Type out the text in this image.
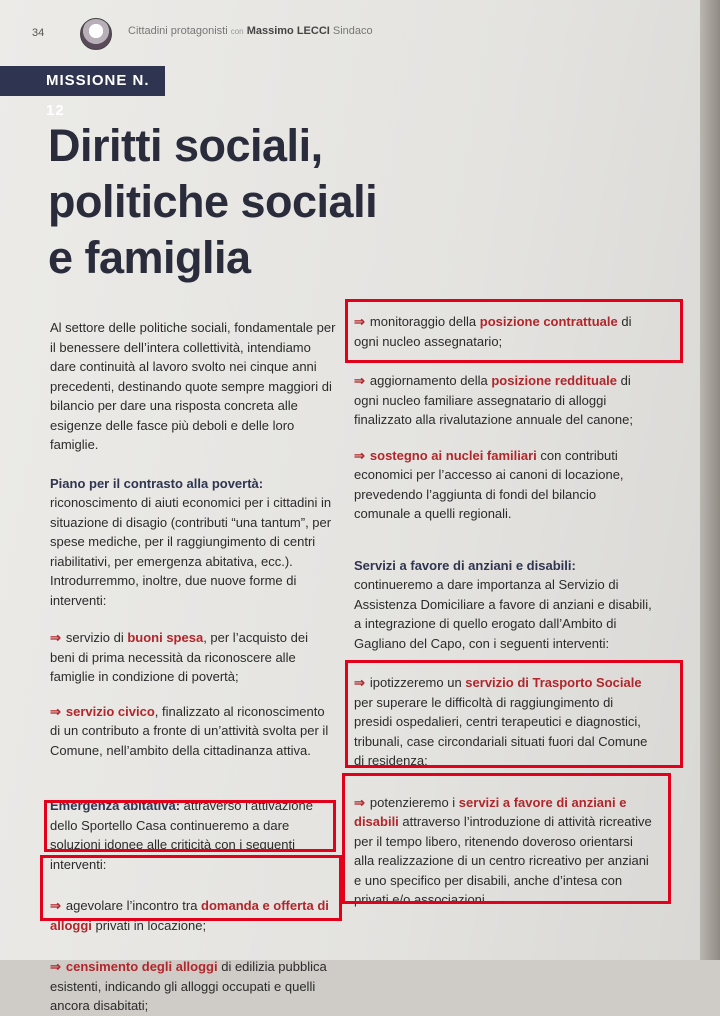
34	Cittadini protagonisti con Massimo LECCI Sindaco
MISSIONE N. 12
Diritti sociali,
politiche sociali
e famiglia

Al settore delle politiche sociali, fondamentale per il benessere dell’intera collettività, intendiamo dare continuità al lavoro svolto nei cinque anni precedenti, destinando quote sempre maggiori di bilancio per dare una risposta concreta alle esigenze delle fasce più deboli e delle loro famiglie.

Piano per il contrasto alla povertà: riconoscimento di aiuti economici per i cittadini in situazione di disagio (contributi “una tantum”, per spese mediche, per il raggiungimento di centri riabilitativi, per emergenza abitativa, ecc.). Introdurremmo, inoltre, due nuove forme di interventi:

⇒ servizio di buoni spesa, per l’acquisto dei beni di prima necessità da riconoscere alle famiglie in condizione di povertà;

⇒ servizio civico, finalizzato al riconoscimento di un contributo a fronte di un’attività svolta per il Comune, nell’ambito della cittadinanza attiva.

Emergenza abitativa: attraverso l’attivazione dello Sportello Casa continueremo a dare soluzioni idonee alle criticità con i seguenti interventi:

⇒ agevolare l’incontro tra domanda e offerta di alloggi privati in locazione;

⇒ censimento degli alloggi di edilizia pubblica esistenti, indicando gli alloggi occupati e quelli ancora disabitati;

⇒ monitoraggio della posizione contrattuale di ogni nucleo assegnatario;

⇒ aggiornamento della posizione reddituale di ogni nucleo familiare assegnatario di alloggi finalizzato alla rivalutazione annuale del canone;

⇒ sostegno ai nuclei familiari con contributi economici per l’accesso ai canoni di locazione, prevedendo l’aggiunta di fondi del bilancio comunale a quelli regionali.

Servizi a favore di anziani e disabili: continueremo a dare importanza al Servizio di Assistenza Domiciliare a favore di anziani e disabili, a integrazione di quello erogato dall’Ambito di Gagliano del Capo, con i seguenti interventi:

⇒ ipotizzeremo un servizio di Trasporto Sociale per superare le difficoltà di raggiungimento di presidi ospedalieri, centri terapeutici e diagnostici, tribunali, case circondariali situati fuori dal Comune di residenza;

⇒ potenzieremo i servizi a favore di anziani e disabili attraverso l’introduzione di attività ricreative per il tempo libero, ritenendo doveroso orientarsi alla realizzazione di un centro ricreativo per anziani e uno specifico per disabili, anche d’intesa con privati e/o associazioni.
